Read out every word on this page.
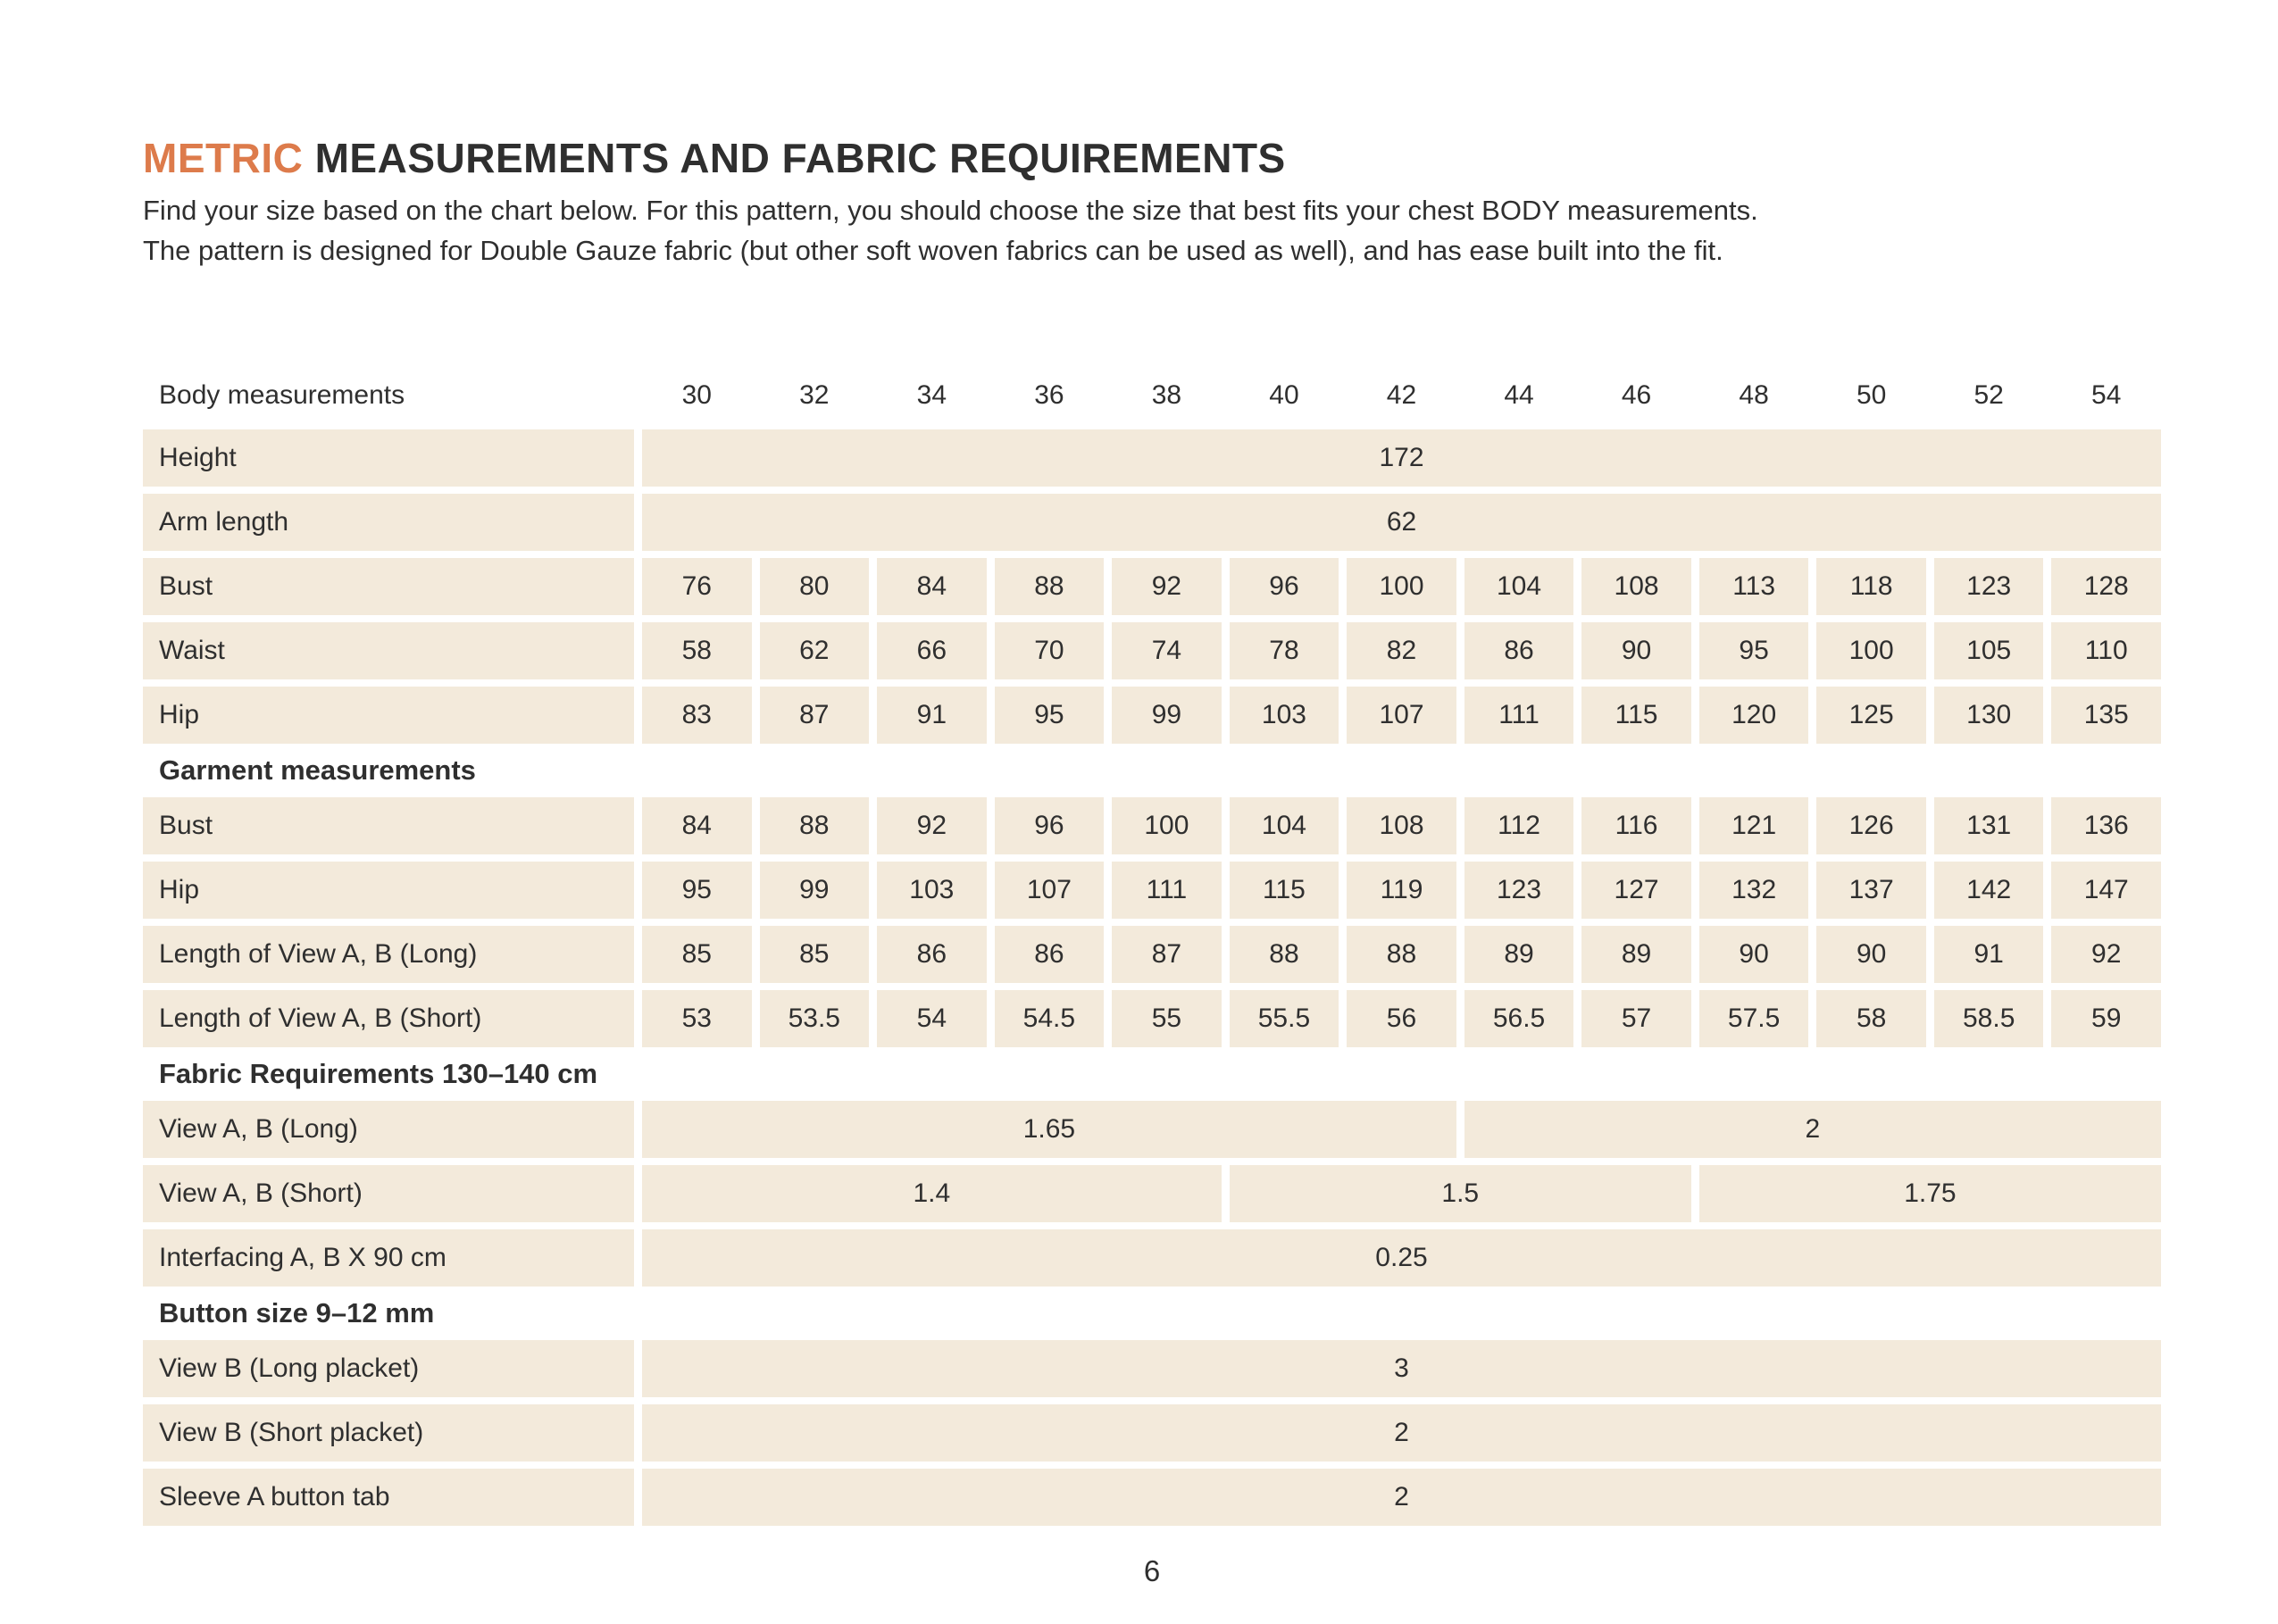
METRIC MEASUREMENTS AND FABRIC REQUIREMENTS
Find your size based on the chart below. For this pattern, you should choose the size that best fits your chest BODY measurements.
The pattern is designed for Double Gauze fabric (but other soft woven fabrics can be used as well), and has ease built into the fit.
Body measurements	30	32	34	36	38	40	42	44	46	48	50	52	54
Height	172
Arm length	62
Bust	76	80	84	88	92	96	100	104	108	113	118	123	128
Waist	58	62	66	70	74	78	82	86	90	95	100	105	110
Hip	83	87	91	95	99	103	107	111	115	120	125	130	135
Garment measurements
Bust	84	88	92	96	100	104	108	112	116	121	126	131	136
Hip	95	99	103	107	111	115	119	123	127	132	137	142	147
Length of View A, B (Long)	85	85	86	86	87	88	88	89	89	90	90	91	92
Length of View A, B (Short)	53	53.5	54	54.5	55	55.5	56	56.5	57	57.5	58	58.5	59
Fabric Requirements 130–140 cm
View A, B (Long)	1.65	2
View A, B (Short)	1.4	1.5	1.75
Interfacing A, B X 90 cm	0.25
Button size 9–12 mm
View B (Long placket)	3
View B (Short placket)	2
Sleeve A button tab	2
6
